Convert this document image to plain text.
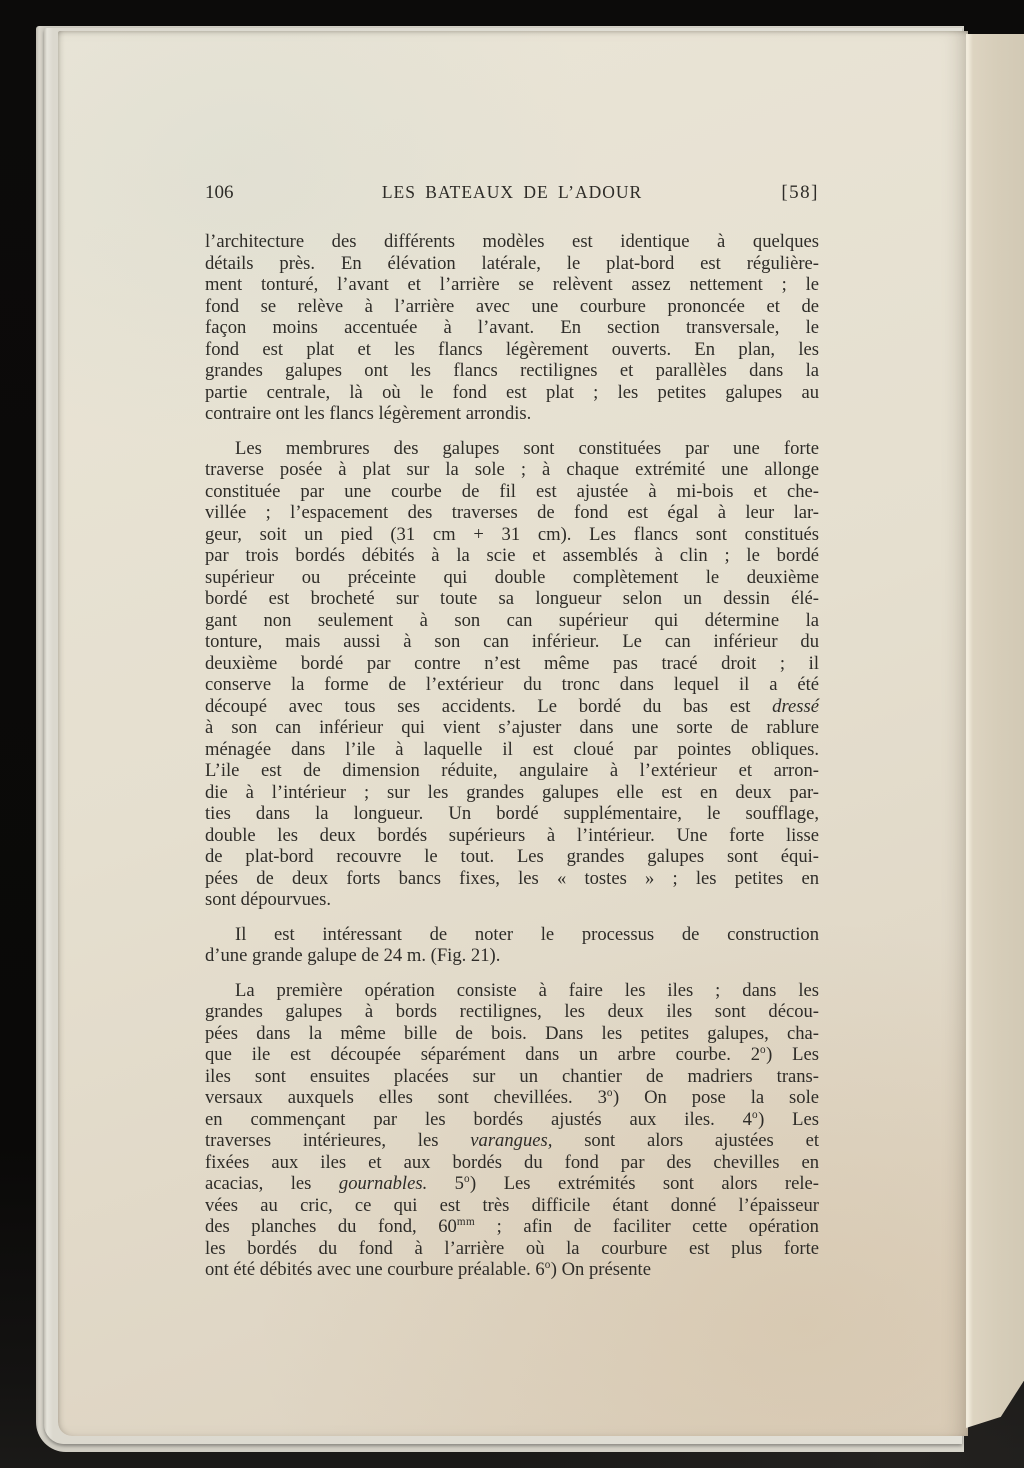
106	LES BATEAUX DE L’ADOUR	[58]
l’architecture des différents modèles est identique à quelques
détails près. En élévation latérale, le plat-bord est régulière-
ment tonturé, l’avant et l’arrière se relèvent assez nettement ; le
fond se relève à l’arrière avec une courbure prononcée et de
façon moins accentuée à l’avant. En section transversale, le
fond est plat et les flancs légèrement ouverts. En plan, les
grandes galupes ont les flancs rectilignes et parallèles dans la
partie centrale, là où le fond est plat ; les petites galupes au
contraire ont les flancs légèrement arrondis.
Les membrures des galupes sont constituées par une forte
traverse posée à plat sur la sole ; à chaque extrémité une allonge
constituée par une courbe de fil est ajustée à mi-bois et che-
villée ; l’espacement des traverses de fond est égal à leur lar-
geur, soit un pied (31 cm + 31 cm). Les flancs sont constitués
par trois bordés débités à la scie et assemblés à clin ; le bordé
supérieur ou préceinte qui double complètement le deuxième
bordé est brocheté sur toute sa longueur selon un dessin élé-
gant non seulement à son can supérieur qui détermine la
tonture, mais aussi à son can inférieur. Le can inférieur du
deuxième bordé par contre n’est même pas tracé droit ; il
conserve la forme de l’extérieur du tronc dans lequel il a été
découpé avec tous ses accidents. Le bordé du bas est dressé
à son can inférieur qui vient s’ajuster dans une sorte de rablure
ménagée dans l’ile à laquelle il est cloué par pointes obliques.
L’ile est de dimension réduite, angulaire à l’extérieur et arron-
die à l’intérieur ; sur les grandes galupes elle est en deux par-
ties dans la longueur. Un bordé supplémentaire, le soufflage,
double les deux bordés supérieurs à l’intérieur. Une forte lisse
de plat-bord recouvre le tout. Les grandes galupes sont équi-
pées de deux forts bancs fixes, les « tostes » ; les petites en
sont dépourvues.
Il est intéressant de noter le processus de construction
d’une grande galupe de 24 m. (Fig. 21).
La première opération consiste à faire les iles ; dans les
grandes galupes à bords rectilignes, les deux iles sont décou-
pées dans la même bille de bois. Dans les petites galupes, cha-
que ile est découpée séparément dans un arbre courbe. 2$^o$) Les
iles sont ensuites placées sur un chantier de madriers trans-
versaux auxquels elles sont chevillées. 3$^o$) On pose la sole
en commençant par les bordés ajustés aux iles. 4$^o$) Les
traverses intérieures, les varangues, sont alors ajustées et
fixées aux iles et aux bordés du fond par des chevilles en
acacias, les gournables. 5$^o$) Les extrémités sont alors rele-
vées au cric, ce qui est très difficile étant donné l’épaisseur
des planches du fond, $60^{mm}$ ; afin de faciliter cette opération
les bordés du fond à l’arrière où la courbure est plus forte
ont été débités avec une courbure préalable. 6$^o$) On présente
